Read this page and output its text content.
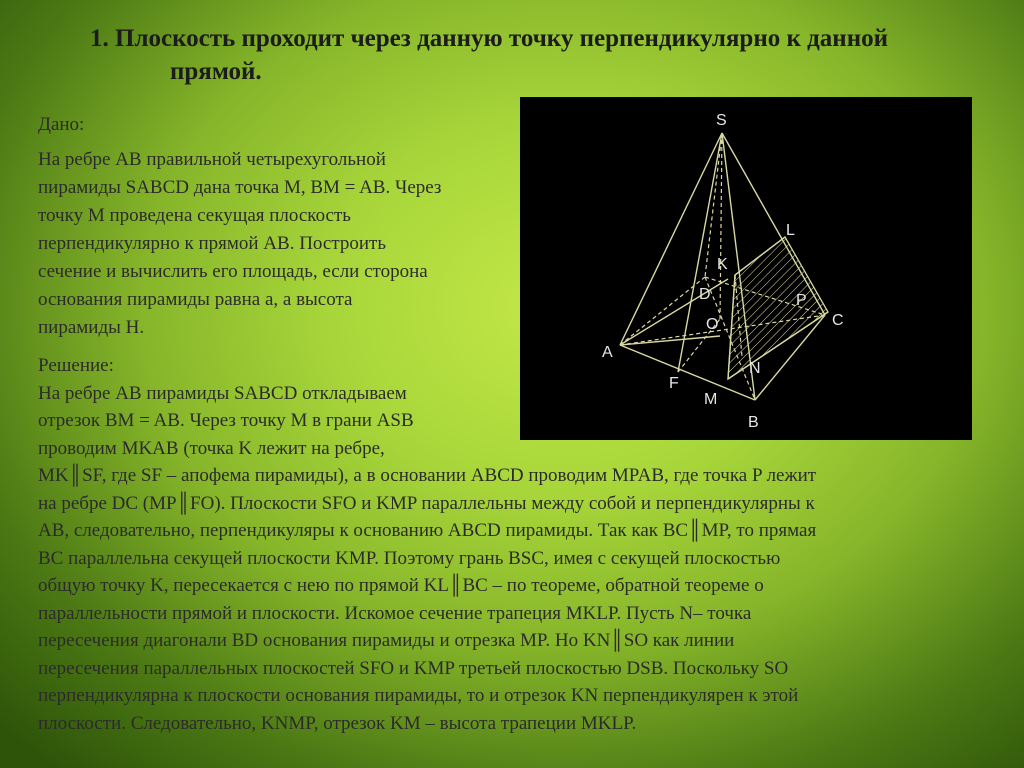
1. Плоскость проходит через данную точку перпендикулярно к данной
прямой.
Дано:
На ребре AB правильной четырехугольной
пирамиды SABCD дана точка M, BM = AB. Через
точку M проведена секущая плоскость
перпендикулярно к прямой AB. Построить
сечение и вычислить его площадь, если сторона
основания пирамиды равна a, а высота
пирамиды H.
Решение:
На ребре AB пирамиды SABCD откладываем
отрезок BM = AB. Через точку M в грани ASB
проводим MKAB (точка K лежит на ребре,
MK║SF, где SF – апофема пирамиды), а в основании ABCD проводим MPAB, где точка P лежит
на ребре DC (MP║FO). Плоскости SFO и KMP параллельны между собой и перпендикулярны к
AB, следовательно, перпендикуляры к основанию ABCD пирамиды. Так как BC║MP, то прямая
BC параллельна секущей плоскости KMP. Поэтому грань BSC, имея с секущей плоскостью
общую точку K, пересекается с нею по прямой KL║BC – по теореме, обратной теореме о
параллельности прямой и плоскости. Искомое сечение трапеция MKLP. Пусть N– точка
пересечения диагонали BD основания пирамиды и отрезка MP. Но KN║SO как линии
пересечения параллельных плоскостей SFO и KMP третьей плоскостью DSB. Поскольку SO
перпендикулярна к плоскости основания пирамиды, то и отрезок KN перпендикулярен к этой
плоскости. Следовательно, KNMP, отрезок KM – высота трапеции MKLP.
S
L
K
D	P
O	C
A
N
F
M
B
